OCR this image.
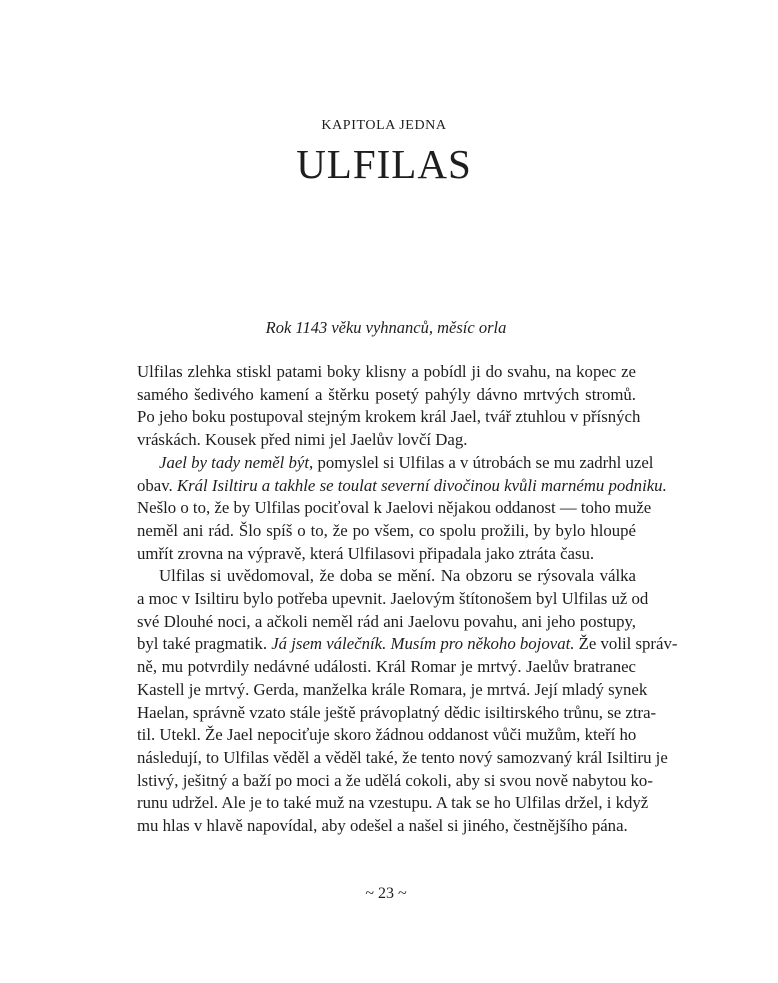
KAPITOLA JEDNA
ULFILAS
Rok 1143 věku vyhnanců, měsíc orla
Ulfilas zlehka stiskl patami boky klisny a pobídl ji do svahu, na kopec ze
samého šedivého kamení a štěrku posetý pahýly dávno mrtvých stromů.
Po jeho boku postupoval stejným krokem král Jael, tvář ztuhlou v přísných
vráskách. Kousek před nimi jel Jaelův lovčí Dag.
Jael by tady neměl být, pomyslel si Ulfilas a v útrobách se mu zadrhl uzel
obav. Král Isiltiru a takhle se toulat severní divočinou kvůli marnému podniku.
Nešlo o to, že by Ulfilas pociťoval k Jaelovi nějakou oddanost — toho muže
neměl ani rád. Šlo spíš o to, že po všem, co spolu prožili, by bylo hloupé
umřít zrovna na výpravě, která Ulfilasovi připadala jako ztráta času.
Ulfilas si uvědomoval, že doba se mění. Na obzoru se rýsovala válka
a moc v Isiltiru bylo potřeba upevnit. Jaelovým štítonošem byl Ulfilas už od
své Dlouhé noci, a ačkoli neměl rád ani Jaelovu povahu, ani jeho postupy,
byl také pragmatik. Já jsem válečník. Musím pro někoho bojovat. Že volil správ-
ně, mu potvrdily nedávné události. Král Romar je mrtvý. Jaelův bratranec
Kastell je mrtvý. Gerda, manželka krále Romara, je mrtvá. Její mladý synek
Haelan, správně vzato stále ještě právoplatný dědic isiltirského trůnu, se ztra-
til. Utekl. Že Jael nepociťuje skoro žádnou oddanost vůči mužům, kteří ho
následují, to Ulfilas věděl a věděl také, že tento nový samozvaný král Isiltiru je
lstivý, ješitný a baží po moci a že udělá cokoli, aby si svou nově nabytou ko-
runu udržel. Ale je to také muž na vzestupu. A tak se ho Ulfilas držel, i když
mu hlas v hlavě napovídal, aby odešel a našel si jiného, čestnějšího pána.
~ 23 ~
